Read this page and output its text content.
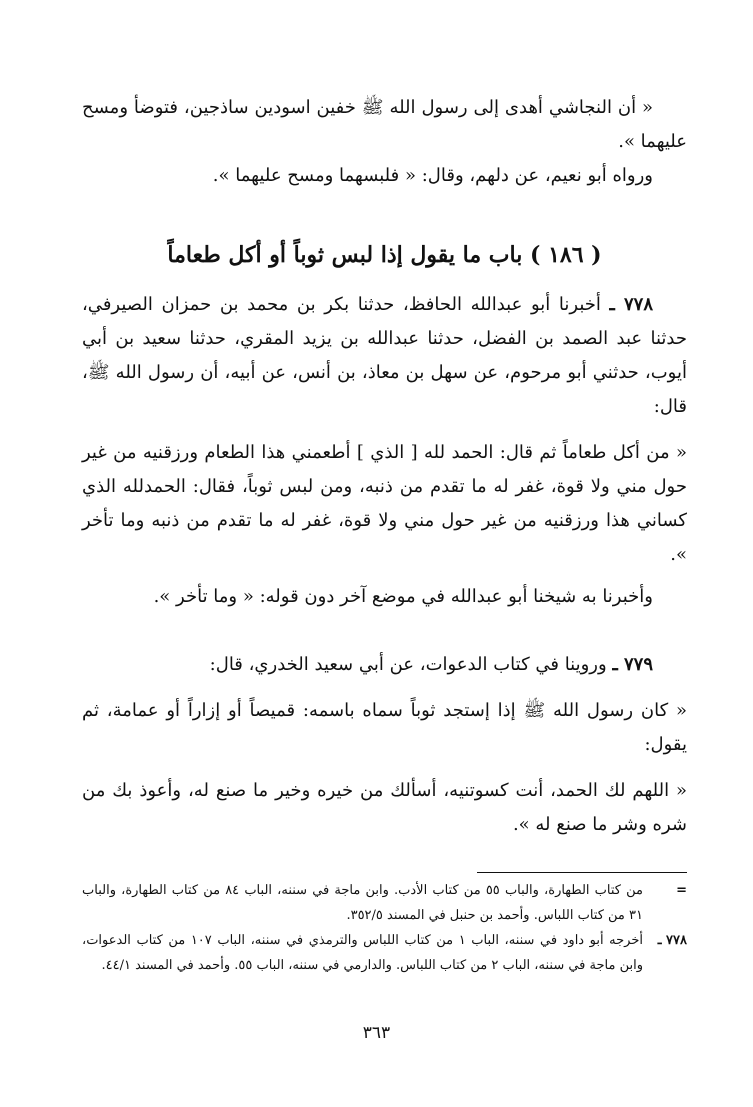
« أن النجاشي أهدى إلى رسول الله ﷺ خفين اسودين ساذجين، فتوضأ ومسح عليهما ».

ورواه أبو نعيم، عن دلهم، وقال: « فلبسهما ومسح عليهما ».

( ١٨٦ ) باب ما يقول إذا لبس ثوباً أو أكل طعاماً

٧٧٨ ـ أخبرنا أبو عبدالله الحافظ، حدثنا بكر بن محمد بن حمزان الصيرفي، حدثنا عبد الصمد بن الفضل، حدثنا عبدالله بن يزيد المقري، حدثنا سعيد بن أبي أيوب، حدثني أبو مرحوم، عن سهل بن معاذ، بن أنس، عن أبيه، أن رسول الله ﷺ، قال:

« من أكل طعاماً ثم قال: الحمد لله [ الذي ] أطعمني هذا الطعام ورزقنيه من غير حول مني ولا قوة، غفر له ما تقدم من ذنبه، ومن لبس ثوباً، فقال: الحمدلله الذي كساني هذا ورزقنيه من غير حول مني ولا قوة، غفر له ما تقدم من ذنبه وما تأخر ».

وأخبرنا به شيخنا أبو عبدالله في موضع آخر دون قوله: « وما تأخر ».

٧٧٩ ـ وروينا في كتاب الدعوات، عن أبي سعيد الخدري، قال:

« كان رسول الله ﷺ إذا إستجد ثوباً سماه باسمه: قميصاً أو إزاراً أو عمامة، ثم يقول:

« اللهم لك الحمد، أنت كسوتنيه، أسألك من خيره وخير ما صنع له، وأعوذ بك من شره وشر ما صنع له ».

=
من كتاب الطهارة، والباب ٥٥ من كتاب الأدب. وابن ماجة في سننه، الباب ٨٤ من كتاب الطهارة، والباب ٣١ من كتاب اللباس. وأحمد بن حنبل في المسند ٣٥٢/٥.
٧٧٨ ـ
أخرجه أبو داود في سننه، الباب ١ من كتاب اللباس والترمذي في سننه، الباب ١٠٧ من كتاب الدعوات، وابن ماجة في سننه، الباب ٢ من كتاب اللباس. والدارمي في سننه، الباب ٥٥. وأحمد في المسند ٤٤/١.
٣٦٣
